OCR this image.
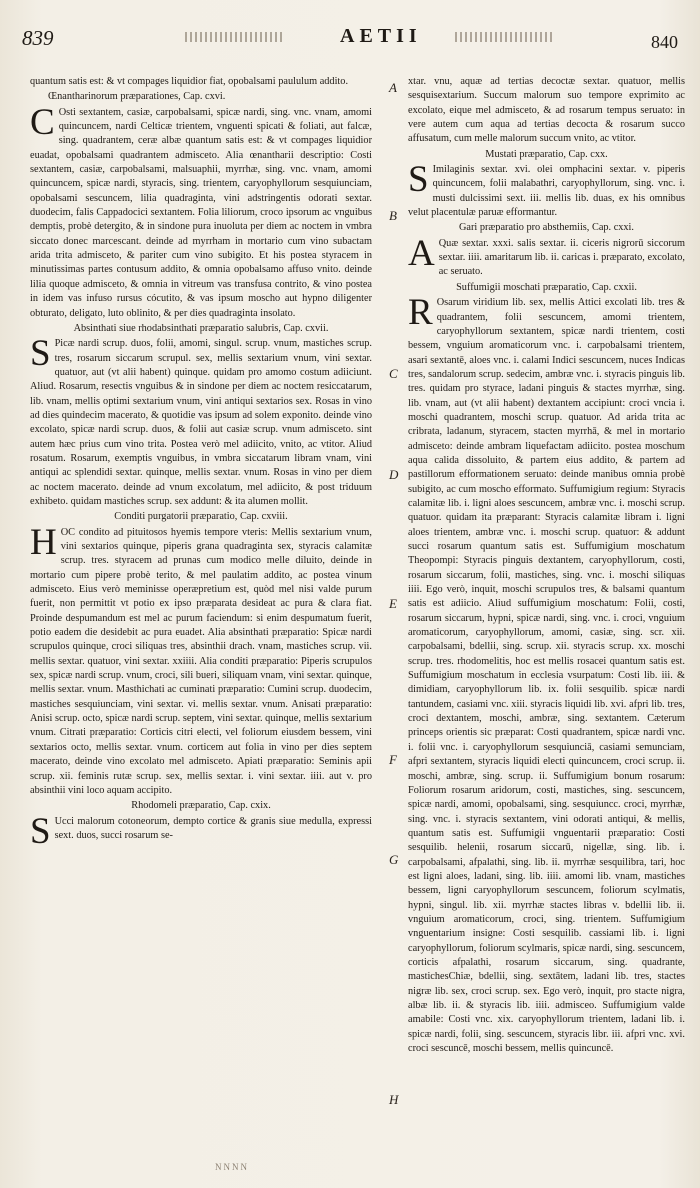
839	AETII	840

quantum satis est: & vt compages liquidior fiat, opobalsami paululum addito.

Œnantharinorum præparationes, Cap. cxvi.

C Osti sextantem, casiæ, carpobalsami, spicæ nardi, sing. vnc. vnam, amomi quincuncem, nardi Celticæ trientem, vnguenti spicati & foliati, aut falcæ, sing. quadrantem, ceræ albæ quantum satis est: & vt compages liquidior euadat, opobalsami quadrantem admisceto. Alia œnantharii descriptio: Costi sextantem, casiæ, carpobalsami, malsuaphii, myrrhæ, sing. vnc. vnam, amomi quincuncem, spicæ nardi, styracis, sing. trientem, caryophyllorum sesquiunciam, opobalsami sescuncem, lilia quadraginta, vini adstringentis odorati sextar. duodecim, falis Cappadocici sextantem. Folia liliorum, croco ipsorum ac vnguibus demptis, probè detergito, & in sindone pura inuoluta per diem ac noctem in vmbra siccato donec marcescant. deinde ad myrrham in mortario cum vino subactam arida trita admisceto, & pariter cum vino subigito. Et his postea styracem in minutissimas partes contusum addito, & omnia opobalsamo affuso vnito. deinde lilia quoque admisceto, & omnia in vitreum vas transfusa contrito, & vino postea in idem vas infuso rursus cócutito, & vas ipsum moscho aut hypno diligenter obturato, deligato, luto oblinito, & per dies quadraginta insolato.

Absinthati siue rhodabsinthati præparatio salubris, Cap. cxvii.

S Picæ nardi scrup. duos, folii, amomi, singul. scrup. vnum, mastiches scrup. tres, rosarum siccarum scrupul. sex, mellis sextarium vnum, vini sextar. quatuor, aut (vt alii habent) quinque. quidam pro amomo costum adiiciunt. Aliud. Rosarum, resectis vnguibus & in sindone per diem ac noctem resiccatarum, lib. vnam, mellis optimi sextarium vnum, vini antiqui sextarios sex. Rosas in vino ad dies quindecim macerato, & quotidie vas ipsum ad solem exponito. deinde vino excolato, spicæ nardi scrup. duos, & folii aut casiæ scrup. vnum admisceto. sint autem hæc prius cum vino trita. Postea verò mel adiicito, vnito, ac vtitor. Aliud rosatum. Rosarum, exemptis vnguibus, in vmbra siccatarum libram vnam, vini antiqui ac splendidi sextar. quinque, mellis sextar. vnum. Rosas in vino per diem ac noctem macerato. deinde ad vnum excolatum, mel adiicito, & post triduum exhibeto. quidam mastiches scrup. sex addunt: & ita alumen mollit.

Conditi purgatorii præparatio, Cap. cxviii.

HOC condito ad pituitosos hyemis tempore vteris: Mellis sextarium vnum, vini sextarios quinque, piperis grana quadraginta sex, styracis calamitæ scrup. tres. styracem ad prunas cum modico melle diluito, deinde in mortario cum pipere probè terito, & mel paulatim addito, ac postea vinum admisceto. Eius verò meminisse operæpretium est, quòd mel nisi valde purum fuerit, non permittit vt potio ex ipso præparata desideat ac pura & clara fiat. Proinde despumandum est mel ac purum faciendum: si enim despumatum fuerit, potio eadem die desidebit ac pura euadet. Alia absinthati præparatio: Spicæ nardi scrupulos quinque, croci siliquas tres, absinthii drach. vnam, mastiches scrup. vii. mellis sextar. quatuor, vini sextar. xxiiii. Alia conditi præparatio: Piperis scrupulos sex, spicæ nardi scrup. vnum, croci, sili bueri, siliquam vnam, vini sextar. quinque, mellis sextar. vnum. Masthichati ac cuminati præparatio: Cumini scrup. duodecim, mastiches sesquiunciam, vini sextar. vi. mellis sextar. vnum. Anisati præparatio: Anisi scrup. octo, spicæ nardi scrup. septem, vini sextar. quinque, mellis sextarium vnum. Citrati præparatio: Corticis citri electi, vel foliorum eiusdem bessem, vini sextarios octo, mellis sextar. vnum. corticem aut folia in vino per dies septem macerato, deinde vino excolato mel admisceto. Apiati præparatio: Seminis apii scrup. xii. feminis rutæ scrup. sex, mellis sextar. i. vini sextar. iiii. aut v. pro absinthii vini loco aquam accipito.

Rhodomeli præparatio, Cap. cxix.

S Ucci malorum cotoneorum, dempto cortice & granis siue medulla, expressi sext. duos, succi rosarum se-

A
B
C
D
E
F
G
H

xtar. vnu, aquæ ad tertias decoctæ sextar. quatuor, mellis sesquisextarium. Succum malorum suo tempore exprimito ac excolato, eique mel admisceto, & ad rosarum tempus seruato: in vere autem cum aqua ad tertias decocta & rosarum succo affusatum, cum melle malorum succum vnito, ac vtitor.

Mustati præparatio, Cap. cxx.

S Imilaginis sextar. xvi. olei omphacini sextar. v. piperis quincuncem, folii malabathri, caryophyllorum, sing. vnc. i. musti dulcissimi sext. iii. mellis lib. duas, ex his omnibus velut placentulæ paruæ efformantur.

Gari præparatio pro absthemiis, Cap. cxxi.

A Quæ sextar. xxxi. salis sextar. ii. ciceris nigrorū siccorum sextar. iiii. amaritarum lib. ii. caricas i. præparato, excolato, ac seruato.

Suffumigii moschati præparatio, Cap. cxxii.

R Osarum viridium lib. sex, mellis Attici excolati lib. tres & quadrantem, folii sescuncem, amomi trientem, caryophyllorum sextantem, spicæ nardi trientem, costi bessem, vnguium aromaticorum vnc. i. carpobalsami trientem, asari sextantē, aloes vnc. i. calami Indici sescuncem, nuces Indicas tres, sandalorum scrup. sedecim, ambræ vnc. i. styracis pinguis lib. tres. quidam pro styrace, ladani pinguis & stactes myrrhæ, sing. lib. vnam, aut (vt alii habent) dextantem accipiunt: croci vncia i. moschi quadrantem, moschi scrup. quatuor. Ad arida trita ac cribrata, ladanum, styracem, stacten myrrhā, & mel in mortario admisceto: deinde ambram liquefactam adiicito. postea moschum aqua calida dissoluito, & partem eius addito, & partem ad pastillorum efformationem seruato: deinde manibus omnia probè subigito, ac cum moscho efformato. Suffumigium regium: Styracis calamitæ lib. i. ligni aloes sescuncem, ambræ vnc. i. moschi scrup. quatuor. quidam ita præparant: Styracis calamitæ libram i. ligni aloes trientem, ambræ vnc. i. moschi scrup. quatuor: & addunt succi rosarum quantum satis est. Suffumigium moschatum Theopompi: Styracis pinguis dextantem, caryophyllorum, costi, rosarum siccarum, folii, mastiches, sing. vnc. i. moschi siliquas iiii. Ego verò, inquit, moschi scrupulos tres, & balsami quantum satis est adiicio. Aliud suffumigium moschatum: Folii, costi, rosarum siccarum, hypni, spicæ nardi, sing. vnc. i. croci, vnguium aromaticorum, caryophyllorum, amomi, casiæ, sing. scr. xii. carpobalsami, bdellii, sing. scrup. xii. styracis scrup. xx. moschi scrup. tres. rhodomelitis, hoc est mellis rosacei quantum satis est. Suffumigium moschatum in ecclesia vsurpatum: Costi lib. iii. & dimidiam, caryophyllorum lib. ix. folii sesquilib. spicæ nardi tantundem, casiami vnc. xiii. styracis liquidi lib. xvi. afpri lib. tres, croci dextantem, moschi, ambræ, sing. sextantem. Cæterum princeps orientis sic præparat: Costi quadrantem, spicæ nardi vnc. i. folii vnc. i. caryophyllorum sesquiunciā, casiami semunciam, afpri sextantem, styracis liquidi electi quincuncem, croci scrup. ii. moschi, ambræ, sing. scrup. ii. Suffumigium bonum rosarum: Foliorum rosarum aridorum, costi, mastiches, sing. sescuncem, spicæ nardi, amomi, opobalsami, sing. sesquiuncc. croci, myrrhæ, sing. vnc. i. styracis sextantem, vini odorati antiqui, & mellis, quantum satis est. Suffumigii vnguentarii præparatio: Costi sesquilib. helenii, rosarum siccarū, nigellæ, sing. lib. i. carpobalsami, afpalathi, sing. lib. ii. myrrhæ sesquilibra, tari, hoc est ligni aloes, ladani, sing. lib. iiii. amomi lib. vnam, mastiches bessem, ligni caryophyllorum sescuncem, foliorum scylmatis, hypni, singul. lib. xii. myrrhæ stactes libras v. bdellii lib. ii. vnguium aromaticorum, croci, sing. trientem. Suffumigium vnguentarium insigne: Costi sesquilib. cassiami lib. i. ligni caryophyllorum, foliorum scylmaris, spicæ nardi, sing. sescuncem, corticis afpalathi, rosarum siccarum, sing. quadrante, mastichesChiæ, bdellii, sing. sextātem, ladani lib. tres, stactes nigræ lib. sex, croci scrup. sex. Ego verò, inquit, pro stacte nigra, albæ lib. ii. & styracis lib. iiii. admisceo. Suffumigium valde amabile: Costi vnc. xix. caryophyllorum trientem, ladani lib. i. spicæ nardi, folii, sing. sescuncem, styracis libr. iii. afpri vnc. xvi. croci sescuncē, moschi bessem, mellis quincuncē.

NNNN
